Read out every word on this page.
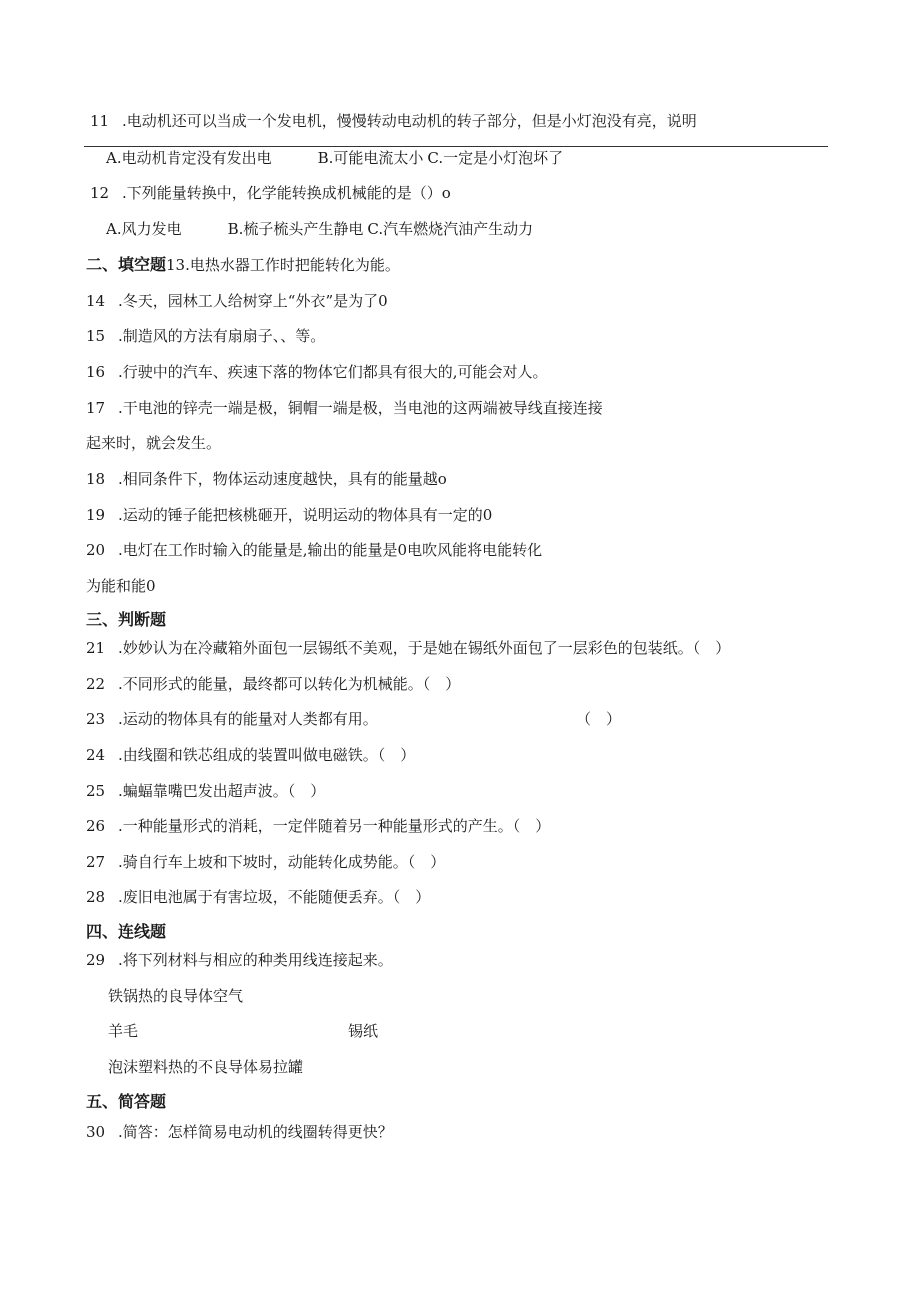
11 .电动机还可以当成一个发电机，慢慢转动电动机的转子部分，但是小灯泡没有亮，说明
A.电动机肯定没有发出电	B.可能电流太小 C.一定是小灯泡坏了
12 .下列能量转换中，化学能转换成机械能的是（）o
A.风力发电	B.梳子梳头产生静电 C.汽车燃烧汽油产生动力
二、填空题13.电热水器工作时把能转化为能。
14 .冬天，园林工人给树穿上“外衣”是为了0
15 .制造风的方法有扇扇子、、等。
16 .行驶中的汽车、疾速下落的物体它们都具有很大的,可能会对人。
17 .干电池的锌壳一端是极，铜帽一端是极，当电池的这两端被导线直接连接
起来时，就会发生。
18 .相同条件下，物体运动速度越快，具有的能量越o
19 .运动的锤子能把核桃砸开，说明运动的物体具有一定的0
20 .电灯在工作时输入的能量是,输出的能量是0电吹风能将电能转化
为能和能0
三、判断题
21 .妙妙认为在冷藏箱外面包一层锡纸不美观，于是她在锡纸外面包了一层彩色的包装纸。（　）
22 .不同形式的能量，最终都可以转化为机械能。（　）
23 .运动的物体具有的能量对人类都有用。	（　）
24 .由线圈和铁芯组成的装置叫做电磁铁。（　）
25 .蝙蝠靠嘴巴发出超声波。（　）
26 .一种能量形式的消耗，一定伴随着另一种能量形式的产生。（　）
27 .骑自行车上坡和下坡时，动能转化成势能。（　）
28 .废旧电池属于有害垃圾，不能随便丢弃。（　）
四、连线题
29 .将下列材料与相应的种类用线连接起来。
铁锅热的良导体空气
羊毛	锡纸
泡沫塑料热的不良导体易拉罐
五、简答题
30 .简答：怎样简易电动机的线圈转得更快？
